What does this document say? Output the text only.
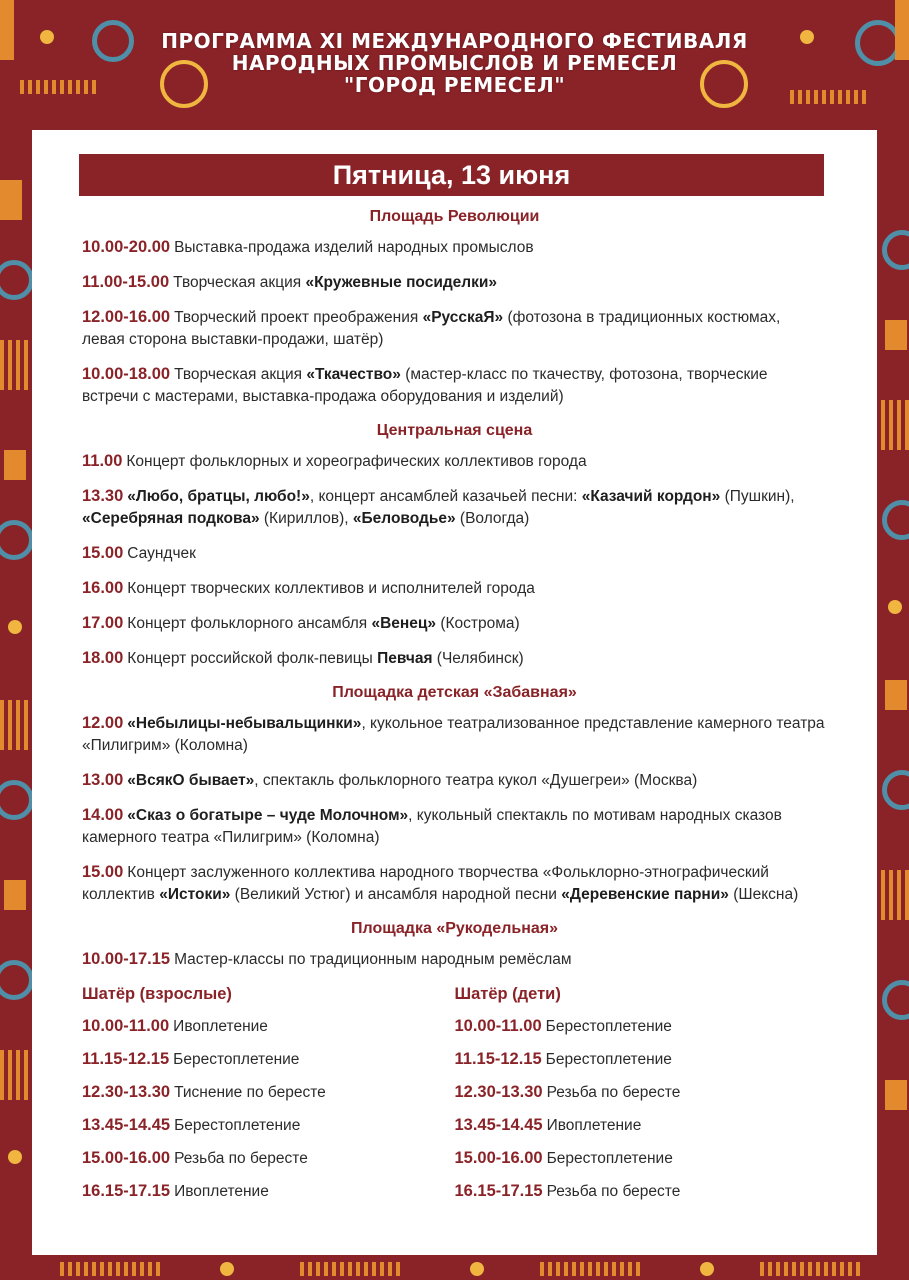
ПРОГРАММА XI МЕЖДУНАРОДНОГО ФЕСТИВАЛЯ
НАРОДНЫХ ПРОМЫСЛОВ И РЕМЕСЕЛ
"ГОРОД РЕМЕСЕЛ"
Пятница, 13 июня
Площадь Революции
10.00-20.00 Выставка-продажа изделий народных промыслов
11.00-15.00 Творческая акция «Кружевные посиделки»
12.00-16.00 Творческий проект преображения «РусскаЯ» (фотозона в традиционных костюмах, левая сторона выставки-продажи, шатёр)
10.00-18.00 Творческая акция «Ткачество» (мастер-класс по ткачеству, фотозона, творческие встречи с мастерами, выставка-продажа оборудования и изделий)
Центральная сцена
11.00 Концерт фольклорных и хореографических коллективов города
13.30 «Любо, братцы, любо!», концерт ансамблей казачьей песни: «Казачий кордон» (Пушкин), «Серебряная подкова» (Кириллов), «Беловодье» (Вологда)
15.00 Саундчек
16.00 Концерт творческих коллективов и исполнителей города
17.00 Концерт фольклорного ансамбля «Венец» (Кострома)
18.00 Концерт российской фолк-певицы Певчая (Челябинск)
Площадка детская «Забавная»
12.00 «Небылицы-небывальщинки», кукольное театрализованное представление камерного театра «Пилигрим» (Коломна)
13.00 «ВсякО бывает», спектакль фольклорного театра кукол «Душегреи» (Москва)
14.00 «Сказ о богатыре – чуде Молочном», кукольный спектакль по мотивам народных сказов камерного театра «Пилигрим» (Коломна)
15.00 Концерт заслуженного коллектива народного творчества «Фольклорно-этнографический коллектив «Истоки» (Великий Устюг) и ансамбля народной песни «Деревенские парни» (Шексна)
Площадка «Рукодельная»
10.00-17.15 Мастер-классы по традиционным народным ремёслам
Шатёр (взрослые)
10.00-11.00 Ивоплетение
11.15-12.15 Берестоплетение
12.30-13.30 Тиснение по бересте
13.45-14.45 Берестоплетение
15.00-16.00 Резьба по бересте
16.15-17.15 Ивоплетение
Шатёр (дети)
10.00-11.00 Берестоплетение
11.15-12.15 Берестоплетение
12.30-13.30 Резьба по бересте
13.45-14.45 Ивоплетение
15.00-16.00 Берестоплетение
16.15-17.15 Резьба по бересте
